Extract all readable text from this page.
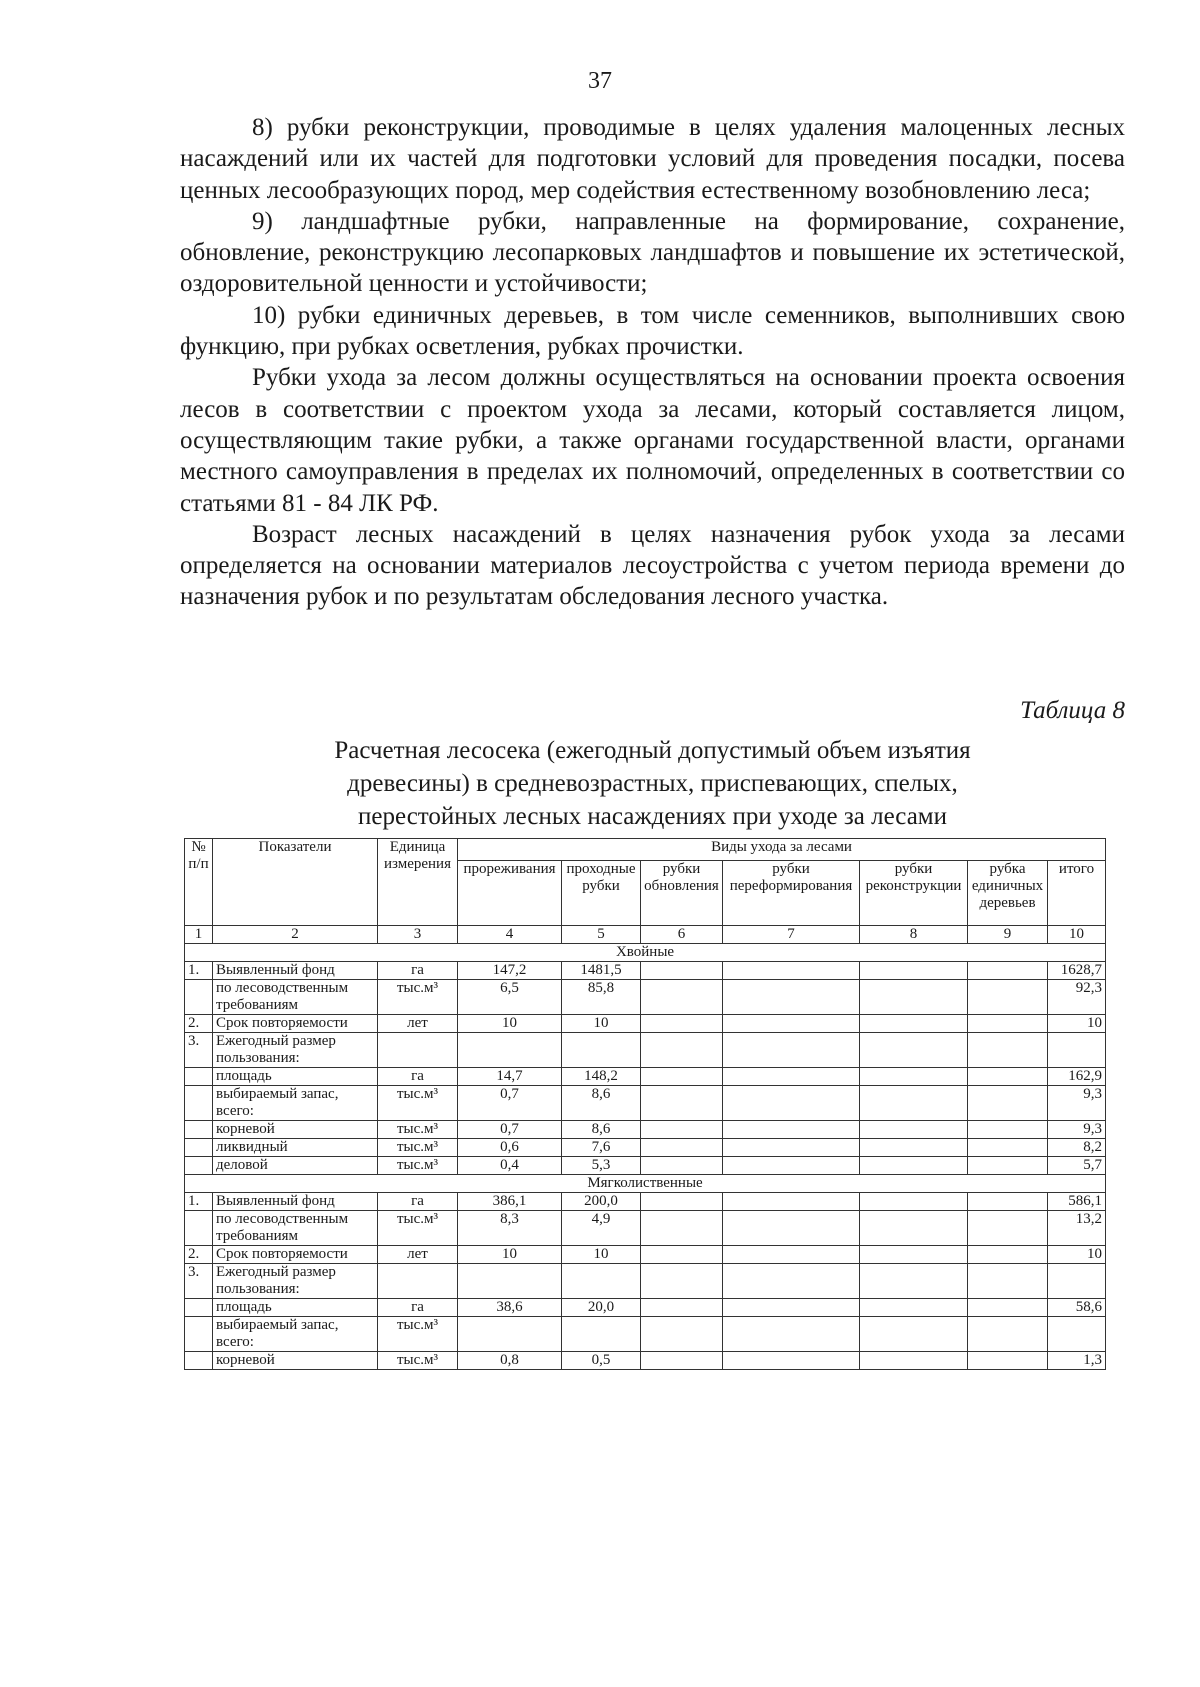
37

8) рубки реконструкции, проводимые в целях удаления малоценных лесных насаждений или их частей для подготовки условий для проведения посадки, посева ценных лесообразующих пород, мер содействия естественному возобновлению леса;

9) ландшафтные рубки, направленные на формирование, сохранение, обновление, реконструкцию лесопарковых ландшафтов и повышение их эстетической, оздоровительной ценности и устойчивости;

10) рубки единичных деревьев, в том числе семенников, выполнивших свою функцию, при рубках осветления, рубках прочистки.

Рубки ухода за лесом должны осуществляться на основании проекта освоения лесов в соответствии с проектом ухода за лесами, который составляется лицом, осуществляющим такие рубки, а также органами государственной власти, органами местного самоуправления в пределах их полномочий, определенных в соответствии со статьями 81 - 84 ЛК РФ.

Возраст лесных насаждений в целях назначения рубок ухода за лесами определяется на основании материалов лесоустройства с учетом периода времени до назначения рубок и по результатам обследования лесного участка.

Таблица 8
Расчетная лесосека (ежегодный допустимый объем изъятия
древесины) в средневозрастных, приспевающих, спелых,
перестойных лесных насаждениях при уходе за лесами
№ п/п	Показатели	Единица измерения	Виды ухода за лесами						
			прореживания	проходные рубки	рубки обновления	рубки переформирования	рубки реконструкции	рубка единичных деревьев	итого
1	2	3	4	5	6	7	8	9	10
Хвойные									
1.	Выявленный фонд	га	147,2	1481,5					1628,7
	по лесоводственным требованиям	тыс.м³	6,5	85,8					92,3
2.	Срок повторяемости	лет	10	10					10
3.	Ежегодный размер пользования:								
	площадь	га	14,7	148,2					162,9
	выбираемый запас, всего:	тыс.м³	0,7	8,6					9,3
	корневой	тыс.м³	0,7	8,6					9,3
	ликвидный	тыс.м³	0,6	7,6					8,2
	деловой	тыс.м³	0,4	5,3					5,7
Мягколиственные									
1.	Выявленный фонд	га	386,1	200,0					586,1
	по лесоводственным требованиям	тыс.м³	8,3	4,9					13,2
2.	Срок повторяемости	лет	10	10					10
3.	Ежегодный размер пользования:								
	площадь	га	38,6	20,0					58,6
	выбираемый запас, всего:	тыс.м³							
	корневой	тыс.м³	0,8	0,5					1,3
